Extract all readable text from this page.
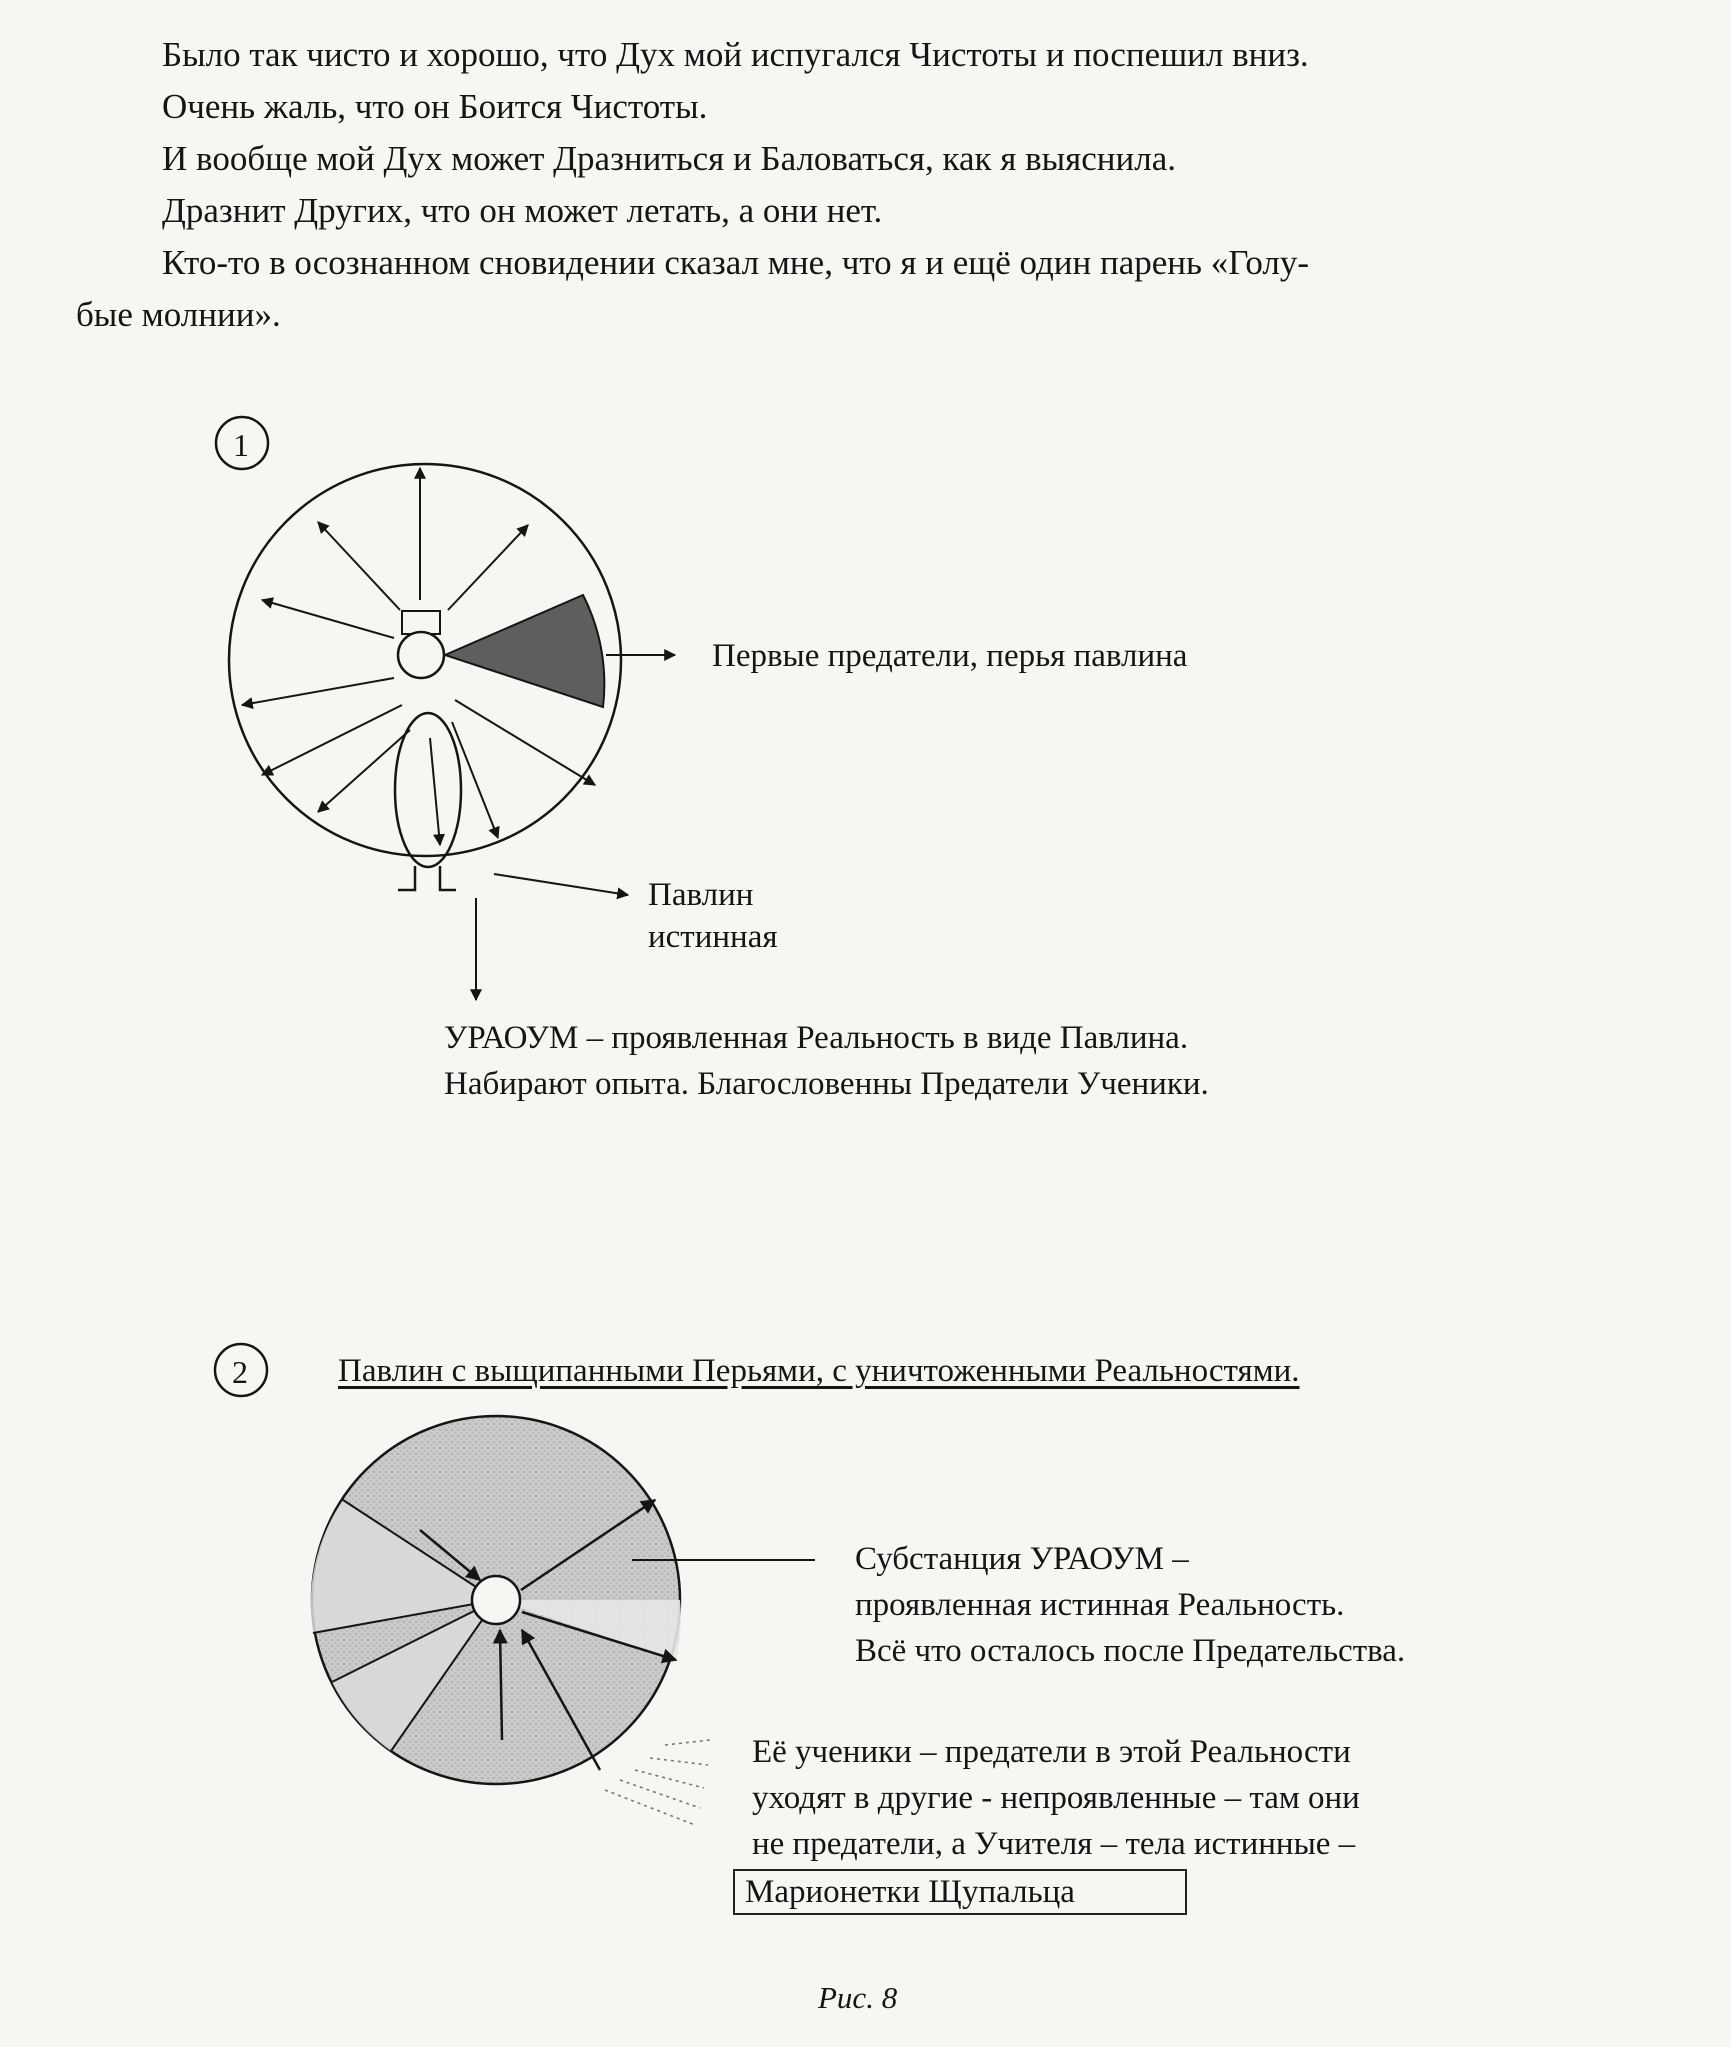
Было так чисто и хорошо, что Дух мой испугался Чистоты и поспешил вниз.
Очень жаль, что он Боится Чистоты.
И вообще мой Дух может Дразниться и Баловаться, как я выяснила.
Дразнит Других, что он может летать, а они нет.
Кто-то в осознанном сновидении сказал мне, что я и ещё один парень «Голу-
бые молнии».
1
Первые предатели, перья павлина
Павлин
истинная
УРАОУМ – проявленная Реальность в виде Павлина.
Набирают опыта. Благословенны Предатели Ученики.
2	Павлин с выщипанными Перьями, с уничтоженными Реальностями.
Субстанция УРАОУМ –
проявленная истинная Реальность.
Всё что осталось после Предательства.
Её ученики – предатели в этой Реальности
уходят в другие - непроявленные – там они
не предатели, а Учителя – тела истинные –
Марионетки Щупальца
Рис. 8
